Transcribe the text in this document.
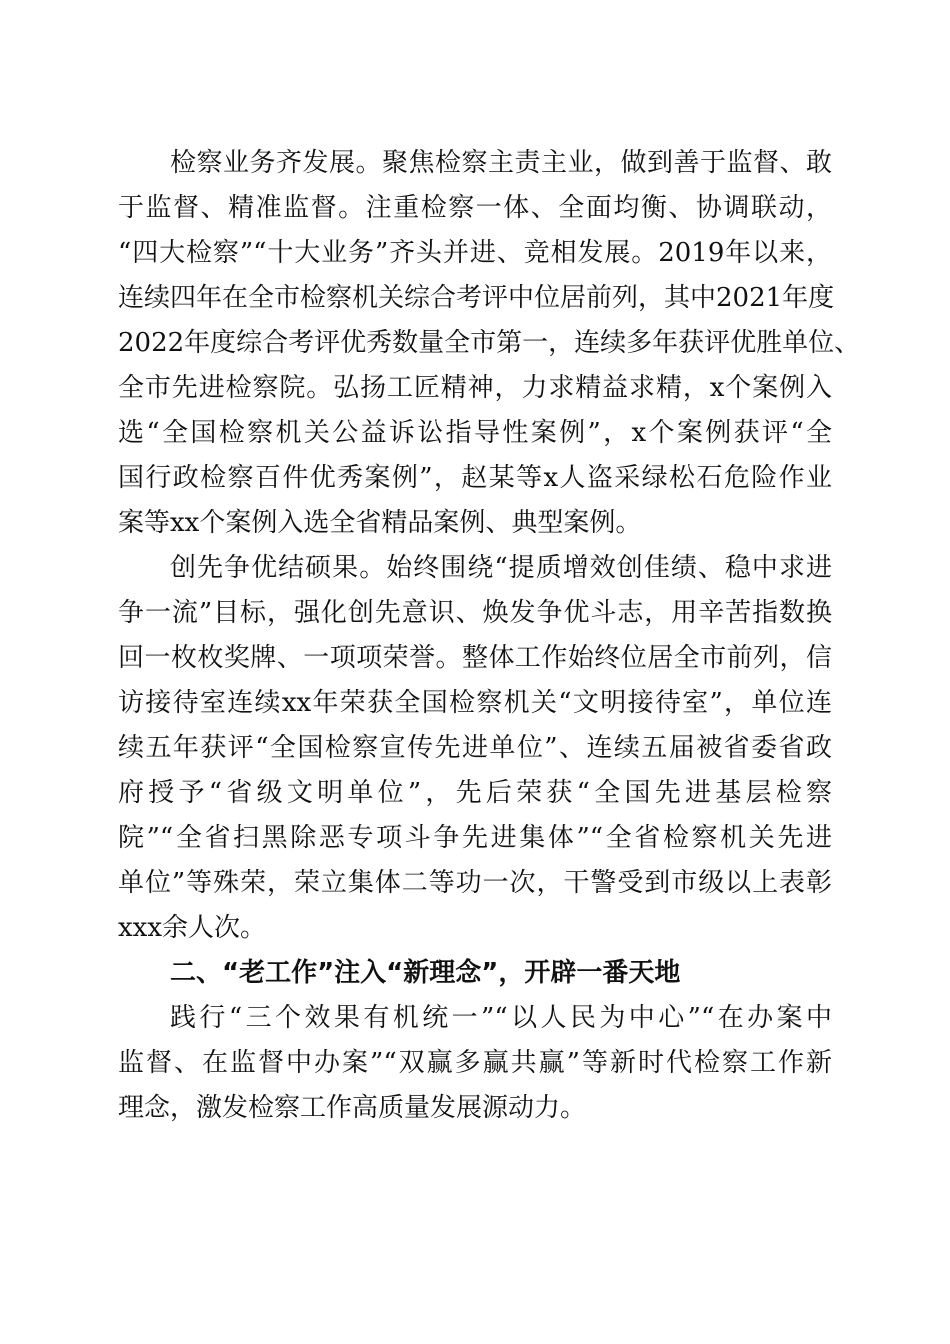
检察业务齐发展。聚焦检察主责主业，做到善于监督、敢
于监督、精准监督。注重检察一体、全面均衡、协调联动，
“四大检察”“十大业务”齐头并进、竞相发展。2019年以来，
连续四年在全市检察机关综合考评中位居前列，其中2021年度
2022年度综合考评优秀数量全市第一，连续多年获评优胜单位、
全市先进检察院。弘扬工匠精神，力求精益求精，x个案例入
选“全国检察机关公益诉讼指导性案例”，x个案例获评“全
国行政检察百件优秀案例”，赵某等x人盗采绿松石危险作业
案等xx个案例入选全省精品案例、典型案例。
创先争优结硕果。始终围绕“提质增效创佳绩、稳中求进
争一流”目标，强化创先意识、焕发争优斗志，用辛苦指数换
回一枚枚奖牌、一项项荣誉。整体工作始终位居全市前列，信
访接待室连续xx年荣获全国检察机关“文明接待室”，单位连
续五年获评“全国检察宣传先进单位”、连续五届被省委省政
府授予“省级文明单位”，先后荣获“全国先进基层检察
院”“全省扫黑除恶专项斗争先进集体”“全省检察机关先进
单位”等殊荣，荣立集体二等功一次，干警受到市级以上表彰
xxx余人次。
二、“老工作”注入“新理念”，开辟一番天地
践行“三个效果有机统一”“以人民为中心”“在办案中
监督、在监督中办案”“双赢多赢共赢”等新时代检察工作新
理念，激发检察工作高质量发展源动力。
